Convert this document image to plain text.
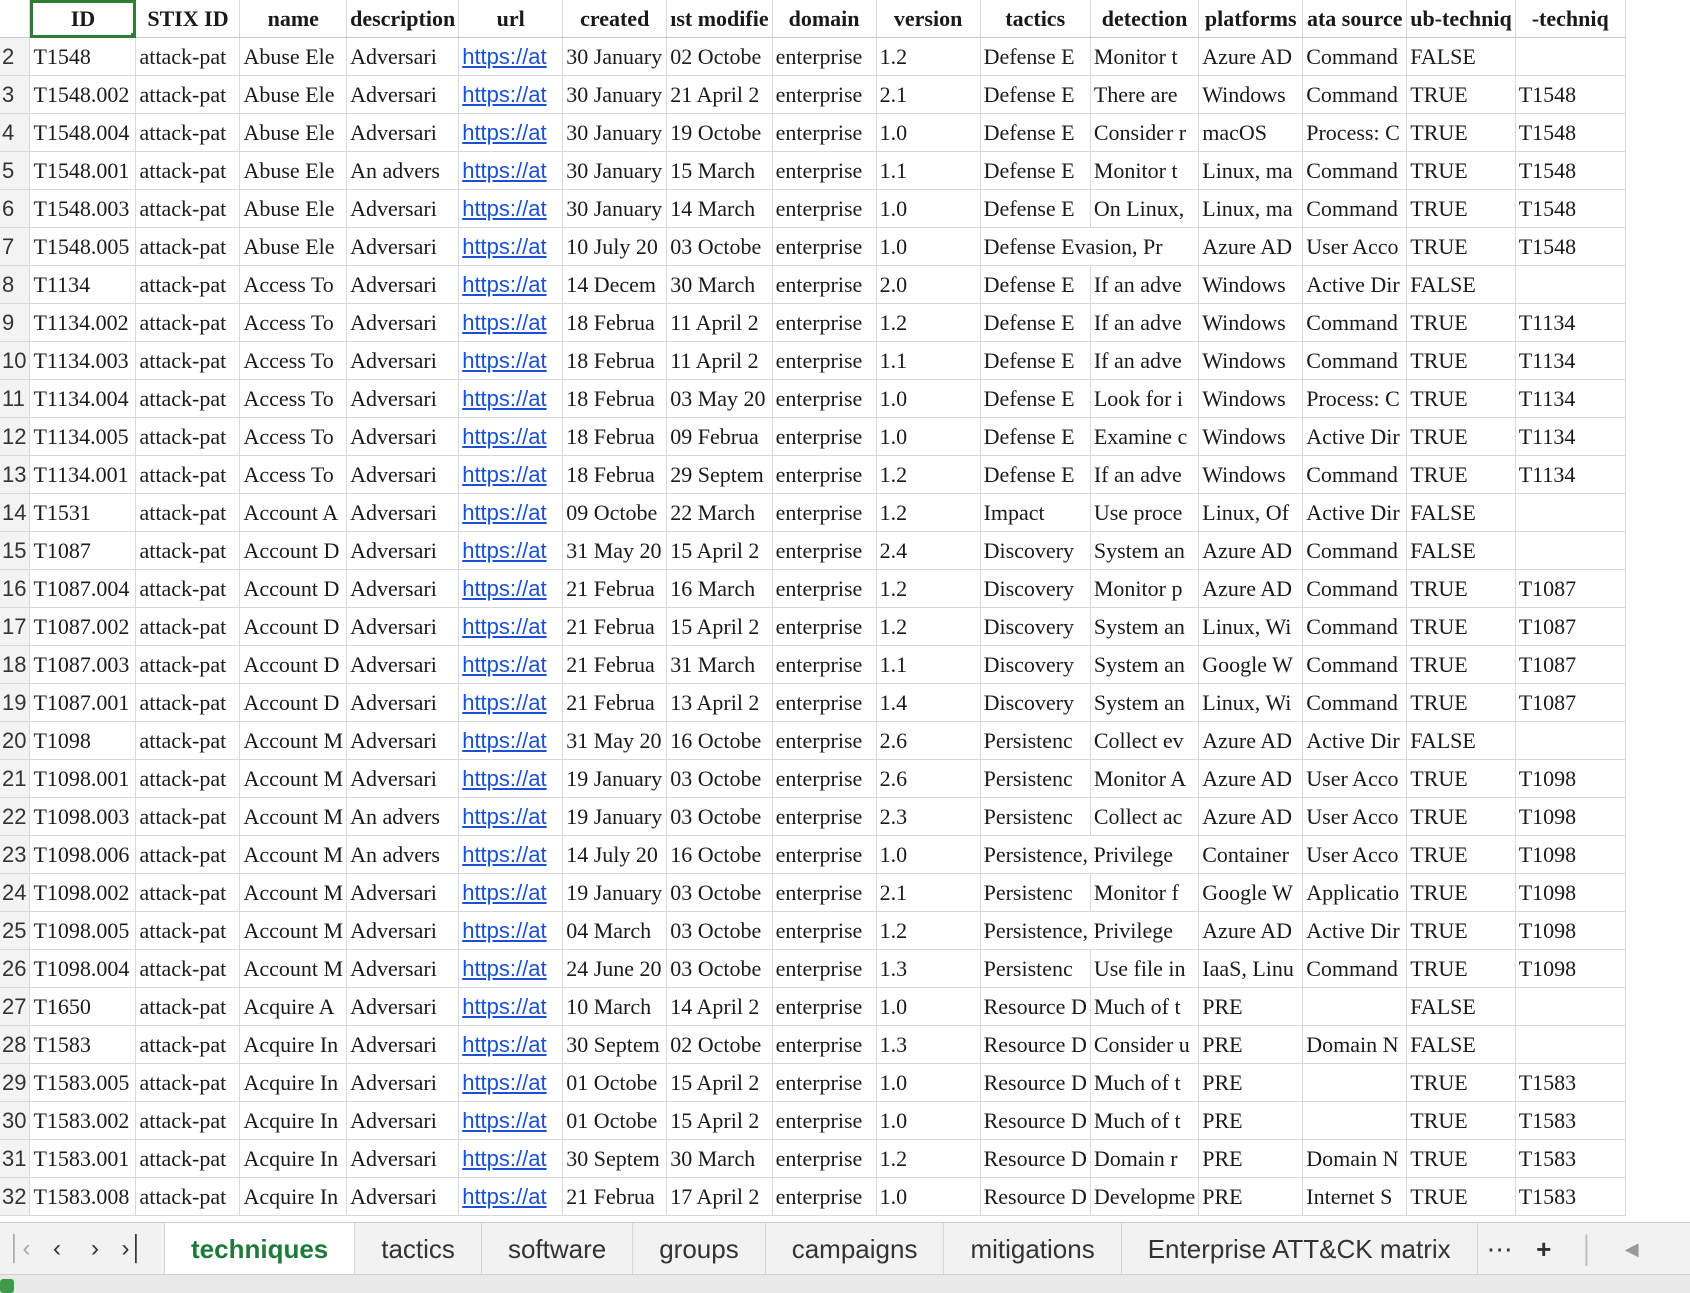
	ID	STIX ID	name	description	url	created	ıst modifie	domain	version	tactics	detection	platforms	ata source	ub-techniq	-techniq
2	T1548	attack-pat	Abuse Ele	Adversari	https://at	30 January	02 Octobe	enterprise	1.2	Defense E	Monitor t	Azure AD	Command	FALSE	
3	T1548.002	attack-pat	Abuse Ele	Adversari	https://at	30 January	21 April 2	enterprise	2.1	Defense E	There are	Windows	Command	TRUE	T1548
4	T1548.004	attack-pat	Abuse Ele	Adversari	https://at	30 January	19 Octobe	enterprise	1.0	Defense E	Consider r	macOS	Process: C	TRUE	T1548
5	T1548.001	attack-pat	Abuse Ele	An advers	https://at	30 January	15 March	enterprise	1.1	Defense E	Monitor t	Linux, ma	Command	TRUE	T1548
6	T1548.003	attack-pat	Abuse Ele	Adversari	https://at	30 January	14 March	enterprise	1.0	Defense E	On Linux,	Linux, ma	Command	TRUE	T1548
7	T1548.005	attack-pat	Abuse Ele	Adversari	https://at	10 July 20	03 Octobe	enterprise	1.0	Defense Evasion, Pr		Azure AD	User Acco	TRUE	T1548
8	T1134	attack-pat	Access To	Adversari	https://at	14 Decem	30 March	enterprise	2.0	Defense E	If an adve	Windows	Active Dir	FALSE	
9	T1134.002	attack-pat	Access To	Adversari	https://at	18 Februa	11 April 2	enterprise	1.2	Defense E	If an adve	Windows	Command	TRUE	T1134
10	T1134.003	attack-pat	Access To	Adversari	https://at	18 Februa	11 April 2	enterprise	1.1	Defense E	If an adve	Windows	Command	TRUE	T1134
11	T1134.004	attack-pat	Access To	Adversari	https://at	18 Februa	03 May 20	enterprise	1.0	Defense E	Look for i	Windows	Process: C	TRUE	T1134
12	T1134.005	attack-pat	Access To	Adversari	https://at	18 Februa	09 Februa	enterprise	1.0	Defense E	Examine c	Windows	Active Dir	TRUE	T1134
13	T1134.001	attack-pat	Access To	Adversari	https://at	18 Februa	29 Septem	enterprise	1.2	Defense E	If an adve	Windows	Command	TRUE	T1134
14	T1531	attack-pat	Account A	Adversari	https://at	09 Octobe	22 March	enterprise	1.2	Impact	Use proce	Linux, Of	Active Dir	FALSE	
15	T1087	attack-pat	Account D	Adversari	https://at	31 May 20	15 April 2	enterprise	2.4	Discovery	System an	Azure AD	Command	FALSE	
16	T1087.004	attack-pat	Account D	Adversari	https://at	21 Februa	16 March	enterprise	1.2	Discovery	Monitor p	Azure AD	Command	TRUE	T1087
17	T1087.002	attack-pat	Account D	Adversari	https://at	21 Februa	15 April 2	enterprise	1.2	Discovery	System an	Linux, Wi	Command	TRUE	T1087
18	T1087.003	attack-pat	Account D	Adversari	https://at	21 Februa	31 March	enterprise	1.1	Discovery	System an	Google W	Command	TRUE	T1087
19	T1087.001	attack-pat	Account D	Adversari	https://at	21 Februa	13 April 2	enterprise	1.4	Discovery	System an	Linux, Wi	Command	TRUE	T1087
20	T1098	attack-pat	Account M	Adversari	https://at	31 May 20	16 Octobe	enterprise	2.6	Persistenc	Collect ev	Azure AD	Active Dir	FALSE	
21	T1098.001	attack-pat	Account M	Adversari	https://at	19 January	03 Octobe	enterprise	2.6	Persistenc	Monitor A	Azure AD	User Acco	TRUE	T1098
22	T1098.003	attack-pat	Account M	An advers	https://at	19 January	03 Octobe	enterprise	2.3	Persistenc	Collect ac	Azure AD	User Acco	TRUE	T1098
23	T1098.006	attack-pat	Account M	An advers	https://at	14 July 20	16 Octobe	enterprise	1.0	Persistence, Privilege		Container	User Acco	TRUE	T1098
24	T1098.002	attack-pat	Account M	Adversari	https://at	19 January	03 Octobe	enterprise	2.1	Persistenc	Monitor f	Google W	Applicatio	TRUE	T1098
25	T1098.005	attack-pat	Account M	Adversari	https://at	04 March	03 Octobe	enterprise	1.2	Persistence, Privilege		Azure AD	Active Dir	TRUE	T1098
26	T1098.004	attack-pat	Account M	Adversari	https://at	24 June 20	03 Octobe	enterprise	1.3	Persistenc	Use file in	IaaS, Linu	Command	TRUE	T1098
27	T1650	attack-pat	Acquire A	Adversari	https://at	10 March	14 April 2	enterprise	1.0	Resource D	Much of t	PRE		FALSE	
28	T1583	attack-pat	Acquire In	Adversari	https://at	30 Septem	02 Octobe	enterprise	1.3	Resource D	Consider u	PRE	Domain N	FALSE	
29	T1583.005	attack-pat	Acquire In	Adversari	https://at	01 Octobe	15 April 2	enterprise	1.0	Resource D	Much of t	PRE		TRUE	T1583
30	T1583.002	attack-pat	Acquire In	Adversari	https://at	01 Octobe	15 April 2	enterprise	1.0	Resource D	Much of t	PRE		TRUE	T1583
31	T1583.001	attack-pat	Acquire In	Adversari	https://at	30 Septem	30 March	enterprise	1.2	Resource D	Domain r	PRE	Domain N	TRUE	T1583
32	T1583.008	attack-pat	Acquire In	Adversari	https://at	21 Februa	17 April 2	enterprise	1.0	Resource D	Developme	PRE	Internet S	TRUE	T1583
│‹ ‹	› ›│	techniques	tactics	software	groups	campaigns	mitigations	Enterprise ATT&CK matrix	⋯ +	│	◀
